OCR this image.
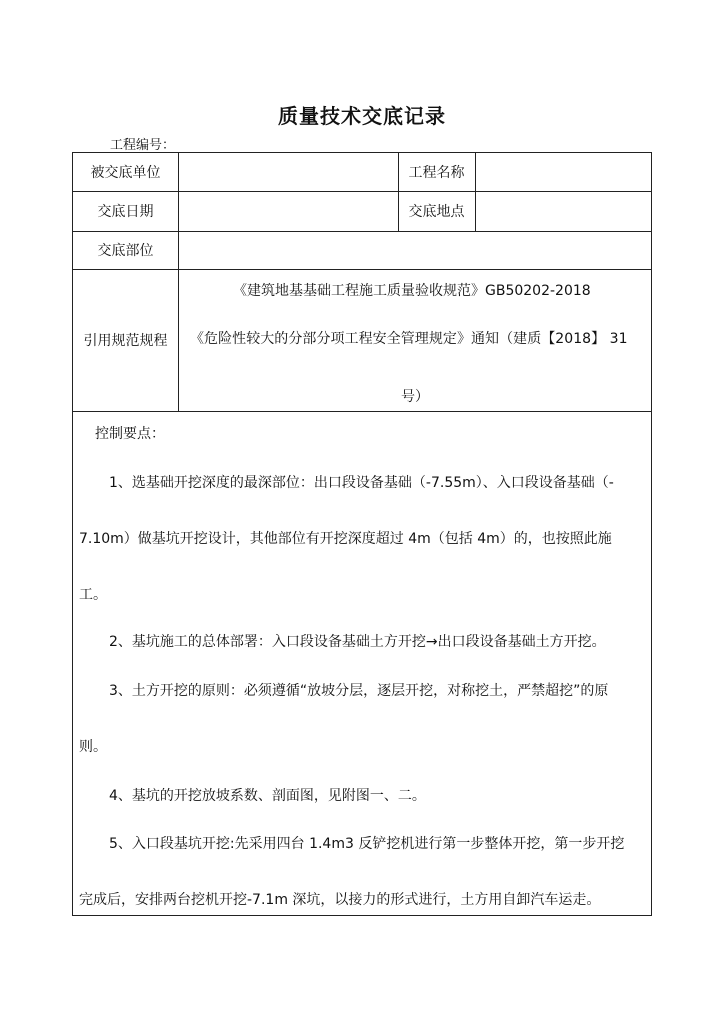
质量技术交底记录
工程编号：
被交底单位	工程名称
交底日期	交底地点
交底部位
引用规范规程
《建筑地基基础工程施工质量验收规范》GB50202-2018
《危险性较大的分部分项工程安全管理规定》通知（建质【2018】 31
号）
控制要点：
1、选基础开挖深度的最深部位：出口段设备基础（-7.55m）、入口段设备基础（-
7.10m）做基坑开挖设计，其他部位有开挖深度超过 4m（包括 4m）的，也按照此施
工。
2、基坑施工的总体部署：入口段设备基础土方开挖→出口段设备基础土方开挖。
3、土方开挖的原则：必须遵循“放坡分层，逐层开挖，对称挖土，严禁超挖”的原
则。
4、基坑的开挖放坡系数、剖面图，见附图一、二。
5、入口段基坑开挖:先采用四台 1.4m3 反铲挖机进行第一步整体开挖，第一步开挖
完成后，安排两台挖机开挖-7.1m 深坑，以接力的形式进行，土方用自卸汽车运走。
